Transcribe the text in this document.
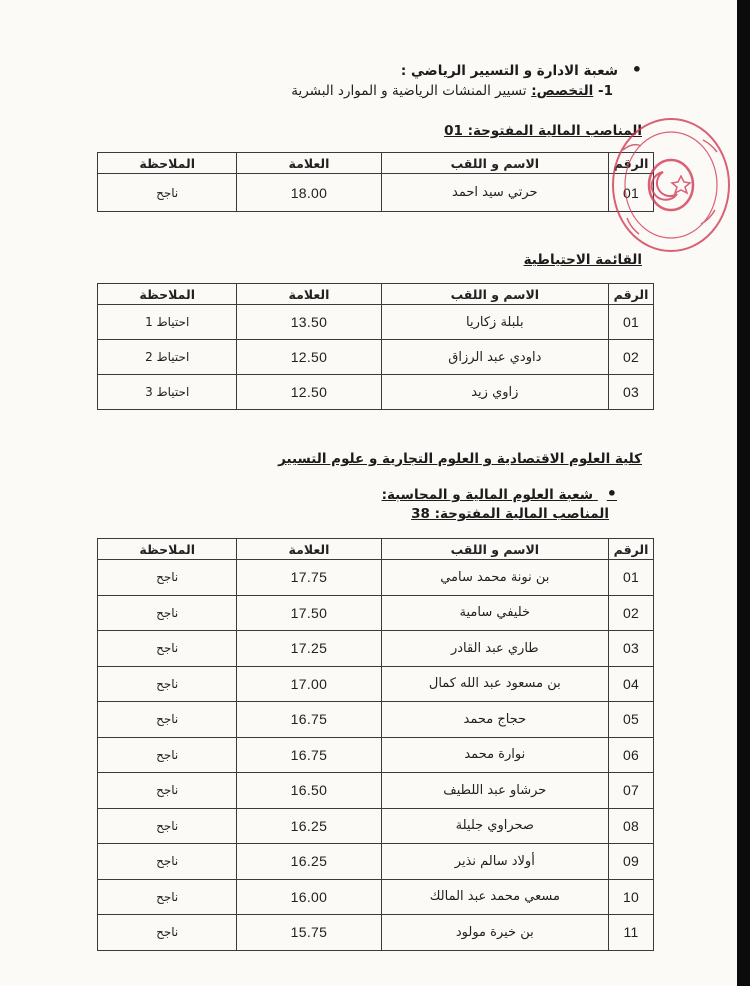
• شعبة الادارة و التسيير الرياضي :
1- التخصص: تسيير المنشات الرياضية و الموارد البشرية
المناصب المالية المفتوحة: 01
الرقم	الاسم و اللقب	العلامة	الملاحظة
01	حرتي سيد احمد	18.00	ناجح
القائمة الاحتياطية
الرقم	الاسم و اللقب	العلامة	الملاحظة
01	بلبلة زكاريا	13.50	احتياط 1
02	داودي عبد الرزاق	12.50	احتياط 2
03	زاوي زيد	12.50	احتياط 3
كلية العلوم الاقتصادية و العلوم التجارية و علوم التسيير
• شعبة العلوم المالية و المحاسبة:
المناصب المالية المفتوحة: 38
الرقم	الاسم و اللقب	العلامة	الملاحظة
01	بن نونة محمد سامي	17.75	ناجح
02	خليفي سامية	17.50	ناجح
03	طاري عبد القادر	17.25	ناجح
04	بن مسعود عبد الله كمال	17.00	ناجح
05	حجاج محمد	16.75	ناجح
06	نوارة محمد	16.75	ناجح
07	حرشاو عبد اللطيف	16.50	ناجح
08	صحراوي جليلة	16.25	ناجح
09	أولاد سالم نذير	16.25	ناجح
10	مسعي محمد عبد المالك	16.00	ناجح
11	بن خيرة مولود	15.75	ناجح
